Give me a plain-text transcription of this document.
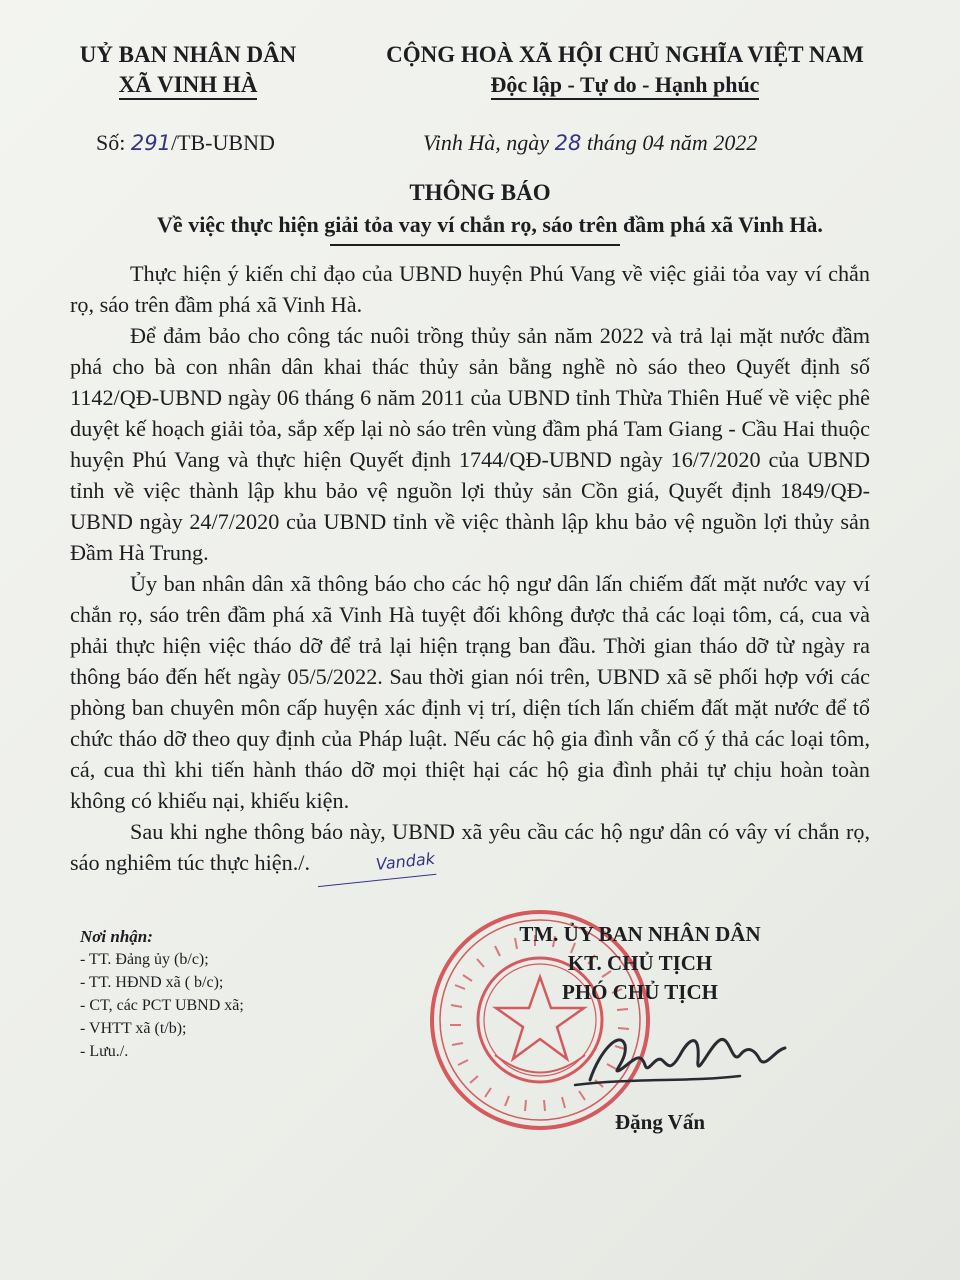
UỶ BAN NHÂN DÂN
XÃ VINH HÀ
CỘNG HOÀ XÃ HỘI CHỦ NGHĨA VIỆT NAM
Độc lập - Tự do - Hạnh phúc
Số: 291/TB-UBND	Vinh Hà, ngày 28 tháng 04 năm 2022
THÔNG BÁO
Về việc thực hiện giải tỏa vay ví chắn rọ, sáo trên đầm phá xã Vinh Hà.

Thực hiện ý kiến chỉ đạo của UBND huyện Phú Vang về việc giải tỏa vay ví chắn rọ, sáo trên đầm phá xã Vinh Hà.

Để đảm bảo cho công tác nuôi trồng thủy sản năm 2022 và trả lại mặt nước đầm phá cho bà con nhân dân khai thác thủy sản bằng nghề nò sáo theo Quyết định số 1142/QĐ-UBND ngày 06 tháng 6 năm 2011 của UBND tỉnh Thừa Thiên Huế về việc phê duyệt kế hoạch giải tỏa, sắp xếp lại nò sáo trên vùng đầm phá Tam Giang - Cầu Hai thuộc huyện Phú Vang và thực hiện Quyết định 1744/QĐ-UBND ngày 16/7/2020 của UBND tỉnh về việc thành lập khu bảo vệ nguồn lợi thủy sản Cồn giá, Quyết định 1849/QĐ-UBND ngày 24/7/2020 của UBND tỉnh về việc thành lập khu bảo vệ nguồn lợi thủy sản Đầm Hà Trung.

Ủy ban nhân dân xã thông báo cho các hộ ngư dân lấn chiếm đất mặt nước vay ví chắn rọ, sáo trên đầm phá xã Vinh Hà tuyệt đối không được thả các loại tôm, cá, cua và phải thực hiện việc tháo dỡ để trả lại hiện trạng ban đầu. Thời gian tháo dỡ từ ngày ra thông báo đến hết ngày 05/5/2022. Sau thời gian nói trên, UBND xã sẽ phối hợp với các phòng ban chuyên môn cấp huyện xác định vị trí, diện tích lấn chiếm đất mặt nước để tổ chức tháo dỡ theo quy định của Pháp luật. Nếu các hộ gia đình vẫn cố ý thả các loại tôm, cá, cua thì khi tiến hành tháo dỡ mọi thiệt hại các hộ gia đình phải tự chịu hoàn toàn không có khiếu nại, khiếu kiện.

Sau khi nghe thông báo này, UBND xã yêu cầu các hộ ngư dân có vây ví chắn rọ, sáo nghiêm túc thực hiện./.	Vandak

Nơi nhận:
- TT. Đảng ủy (b/c);
- TT. HĐND xã ( b/c);
- CT, các PCT UBND xã;
- VHTT xã (t/b);
- Lưu./.
TM. ỦY BAN NHÂN DÂN
KT. CHỦ TỊCH
PHÓ CHỦ TỊCH
Đặng Vấn
